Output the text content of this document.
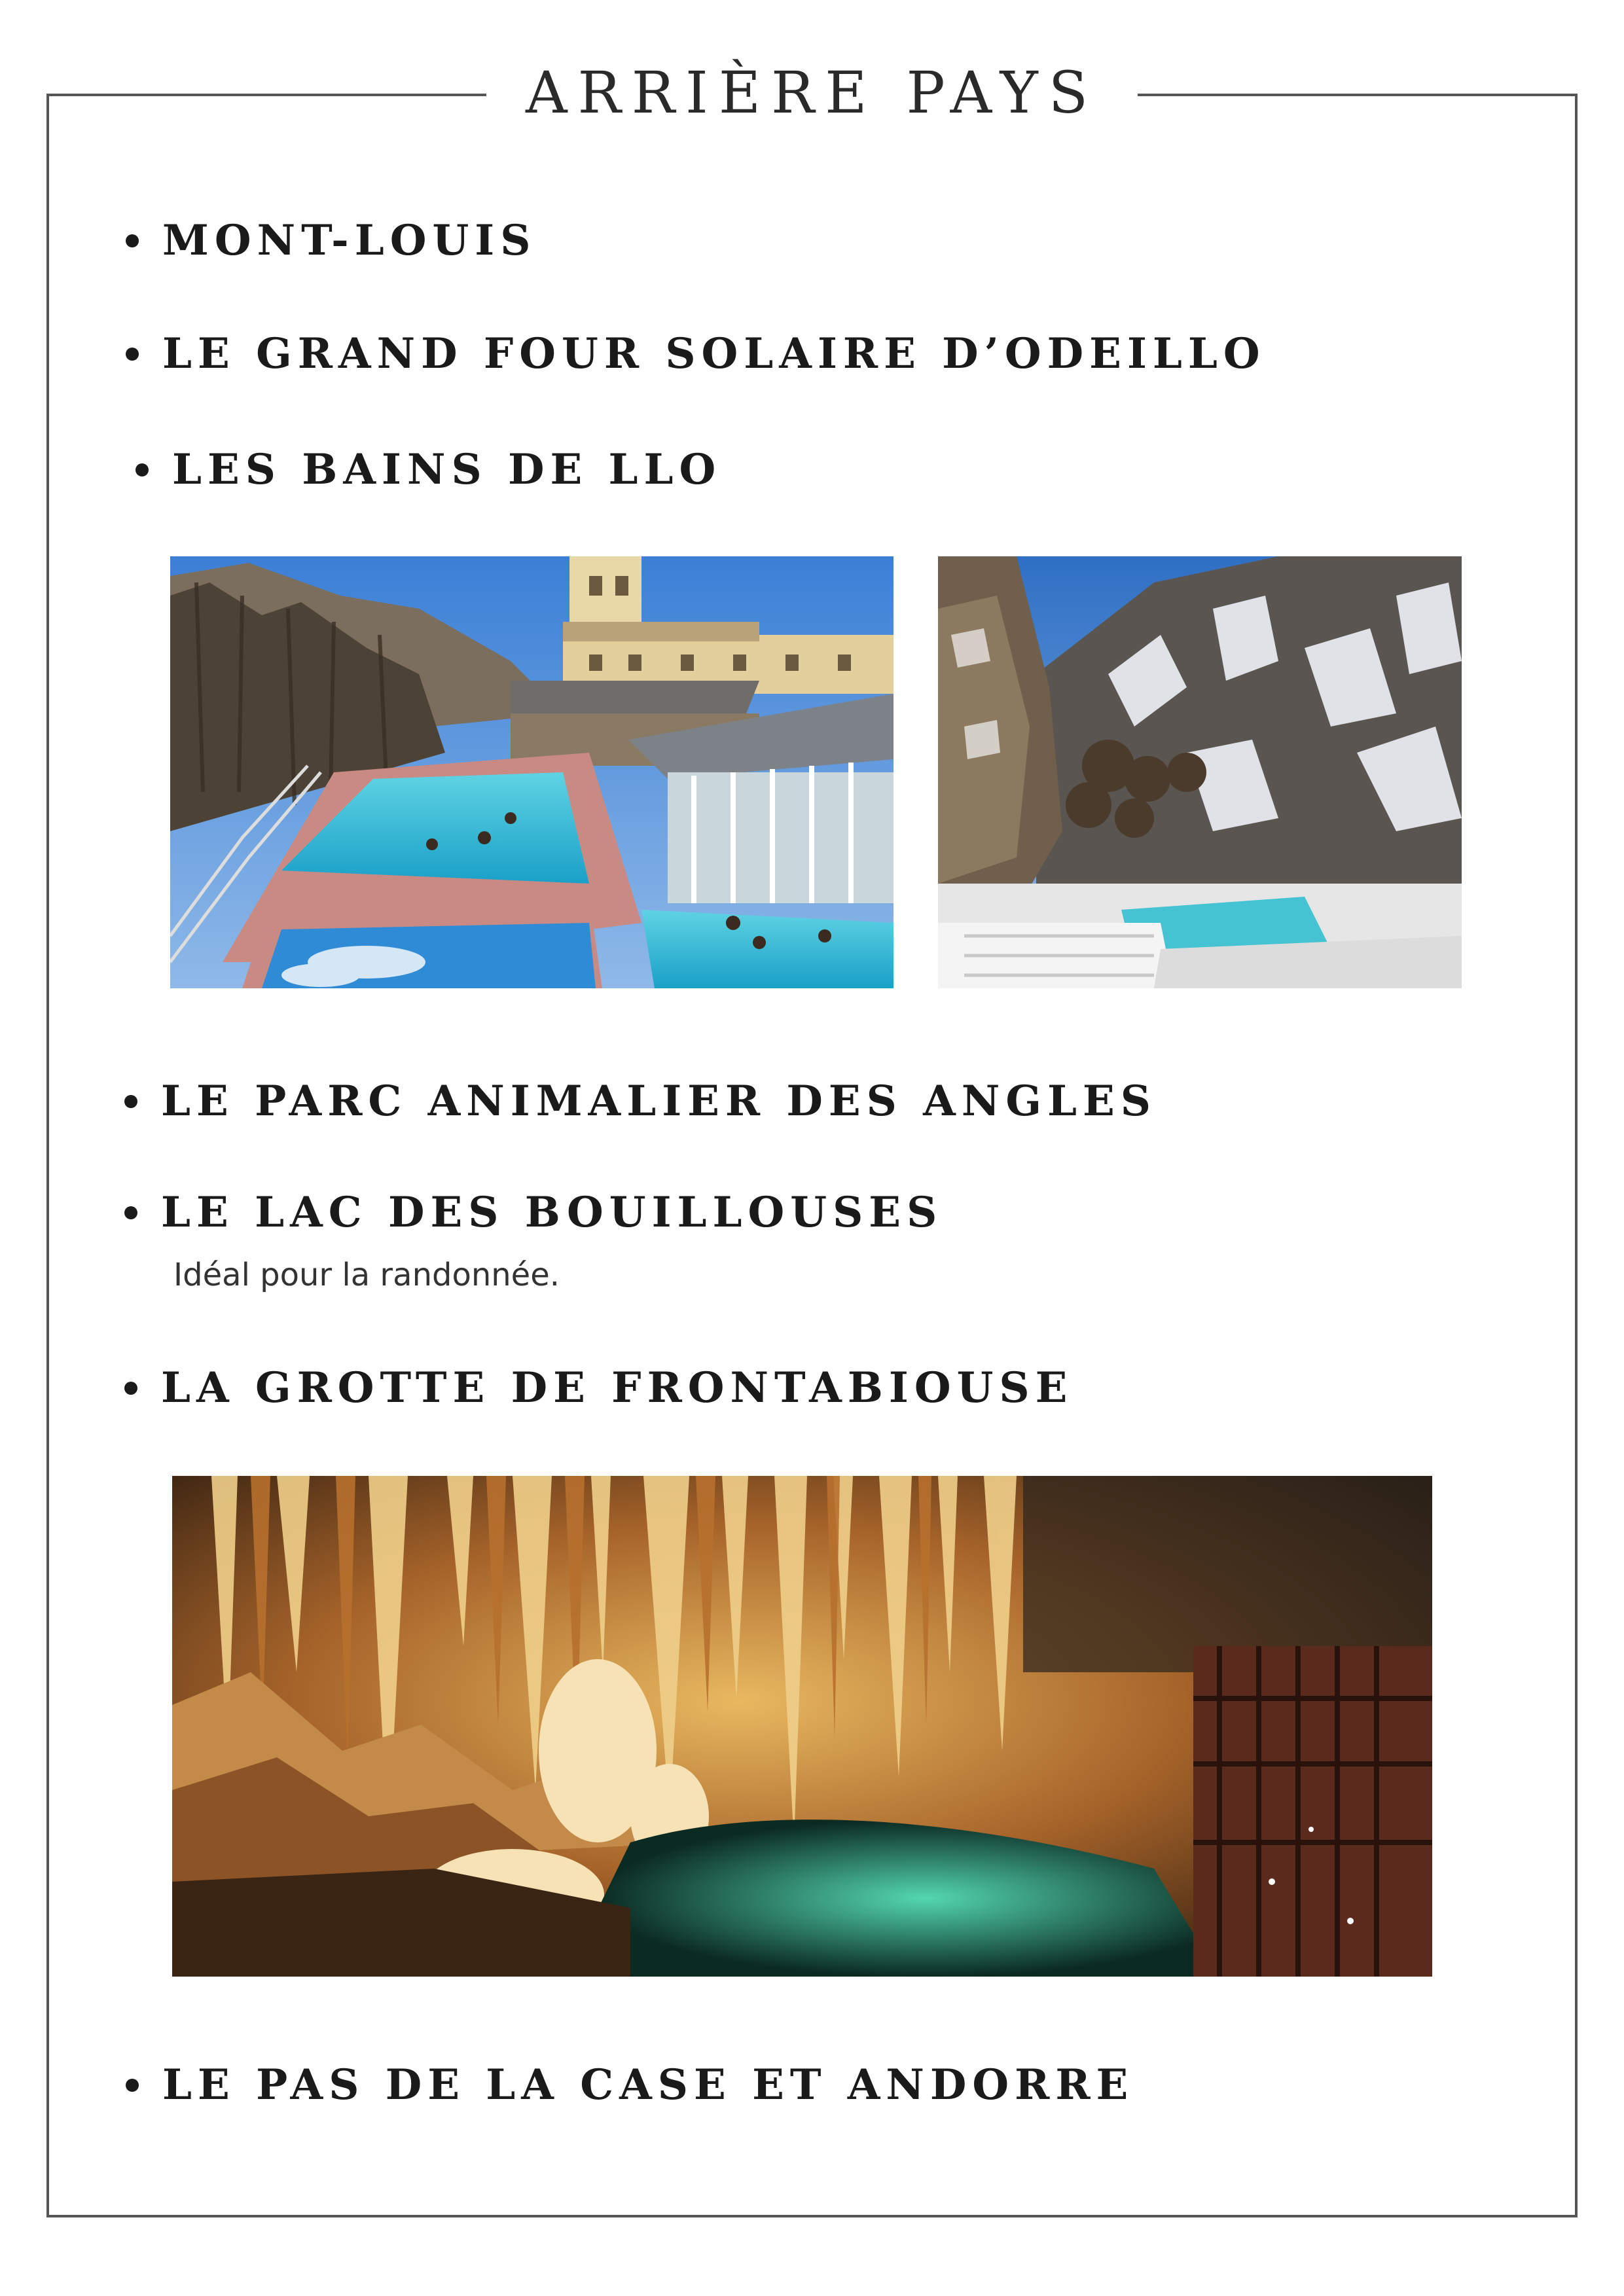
ARRIÈRE PAYS
MONT-LOUIS
LE GRAND FOUR SOLAIRE D’ODEILLO
LES BAINS DE LLO
LE PARC ANIMALIER DES ANGLES
LE LAC DES BOUILLOUSES
Idéal pour la randonnée.
LA GROTTE DE FRONTABIOUSE
LE PAS DE LA CASE ET ANDORRE
